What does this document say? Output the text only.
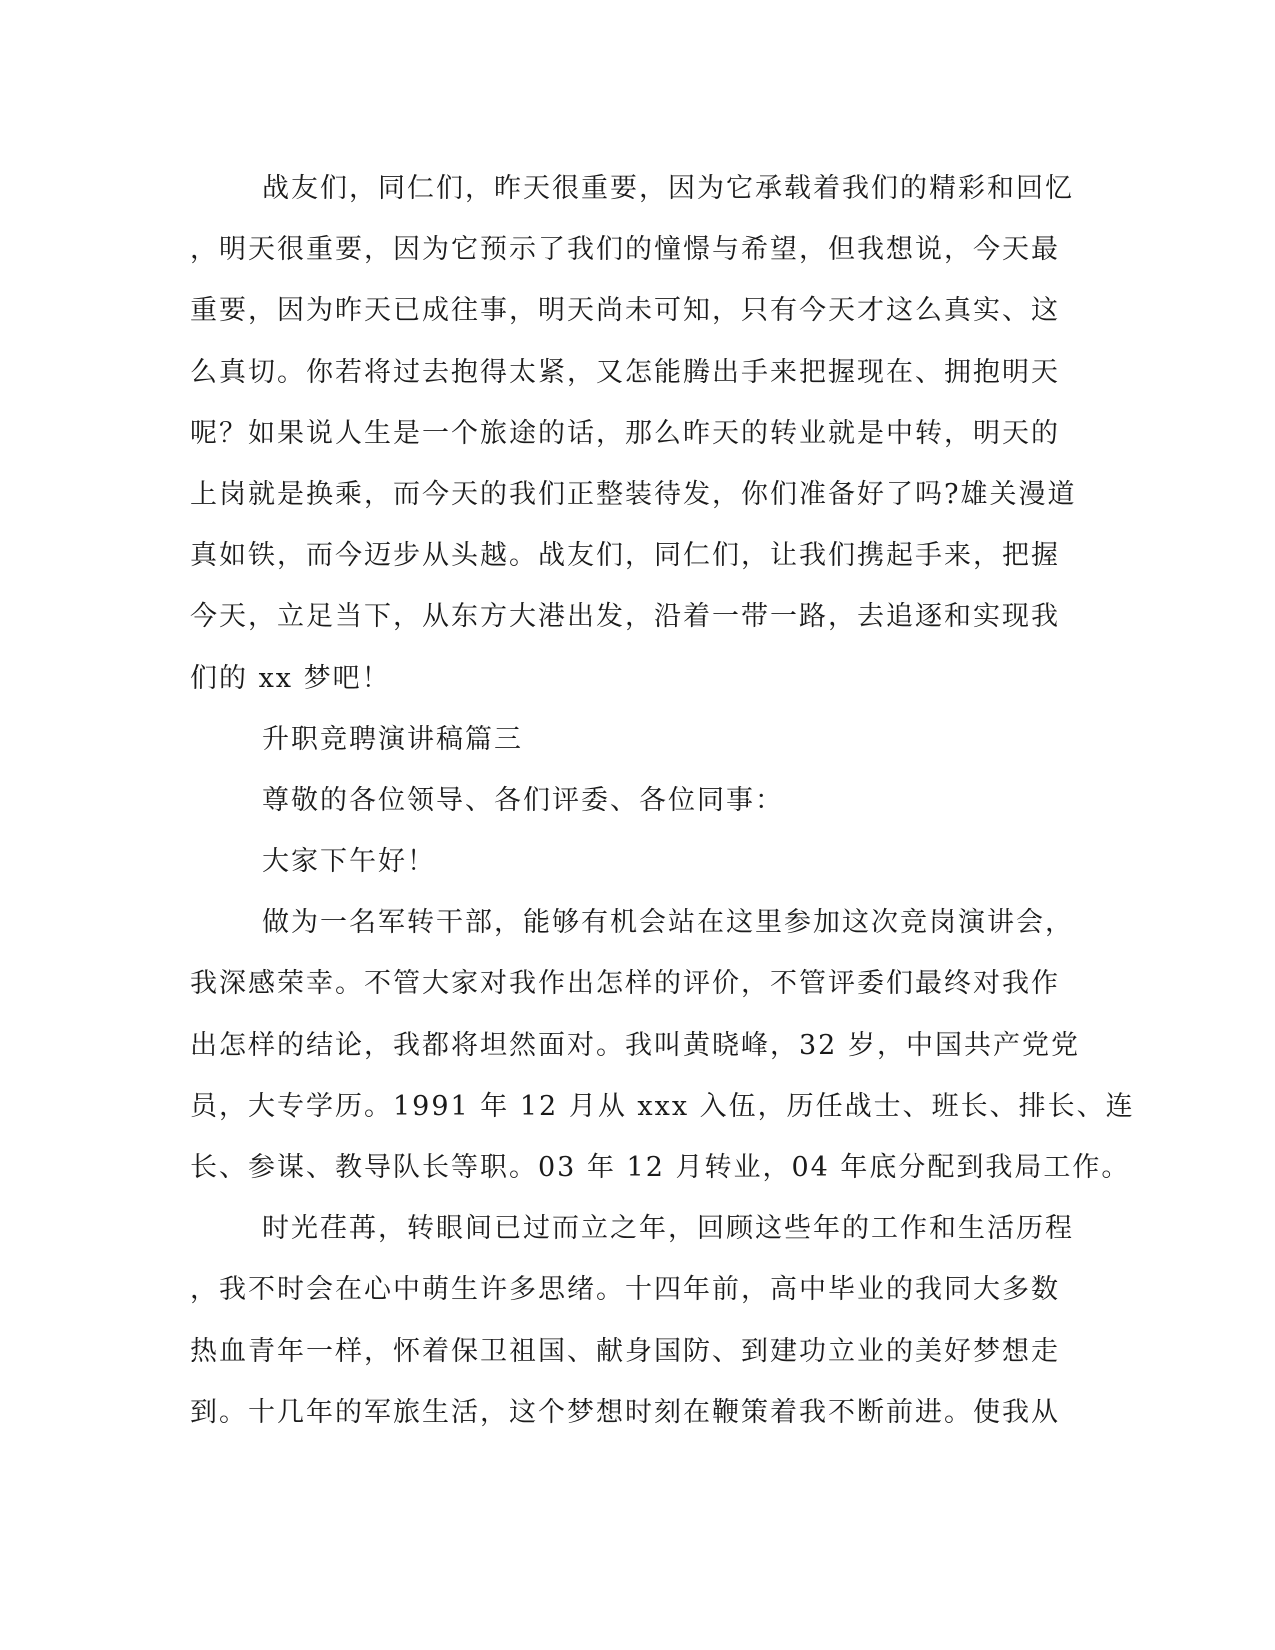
战友们，同仁们，昨天很重要，因为它承载着我们的精彩和回忆
，明天很重要，因为它预示了我们的憧憬与希望，但我想说，今天最
重要，因为昨天已成往事，明天尚未可知，只有今天才这么真实、这
么真切。你若将过去抱得太紧，又怎能腾出手来把握现在、拥抱明天
呢？如果说人生是一个旅途的话，那么昨天的转业就是中转，明天的
上岗就是换乘，而今天的我们正整装待发，你们准备好了吗?雄关漫道
真如铁，而今迈步从头越。战友们，同仁们，让我们携起手来，把握
今天，立足当下，从东方大港出发，沿着一带一路，去追逐和实现我
们的 xx 梦吧！
升职竞聘演讲稿篇三
尊敬的各位领导、各们评委、各位同事：
大家下午好！
做为一名军转干部，能够有机会站在这里参加这次竞岗演讲会，
我深感荣幸。不管大家对我作出怎样的评价，不管评委们最终对我作
出怎样的结论，我都将坦然面对。我叫黄晓峰，32 岁，中国共产党党
员，大专学历。1991 年 12 月从 xxx 入伍，历任战士、班长、排长、连
长、参谋、教导队长等职。03 年 12 月转业，04 年底分配到我局工作。
时光荏苒，转眼间已过而立之年，回顾这些年的工作和生活历程
，我不时会在心中萌生许多思绪。十四年前，高中毕业的我同大多数
热血青年一样，怀着保卫祖国、献身国防、到建功立业的美好梦想走
到。十几年的军旅生活，这个梦想时刻在鞭策着我不断前进。使我从
